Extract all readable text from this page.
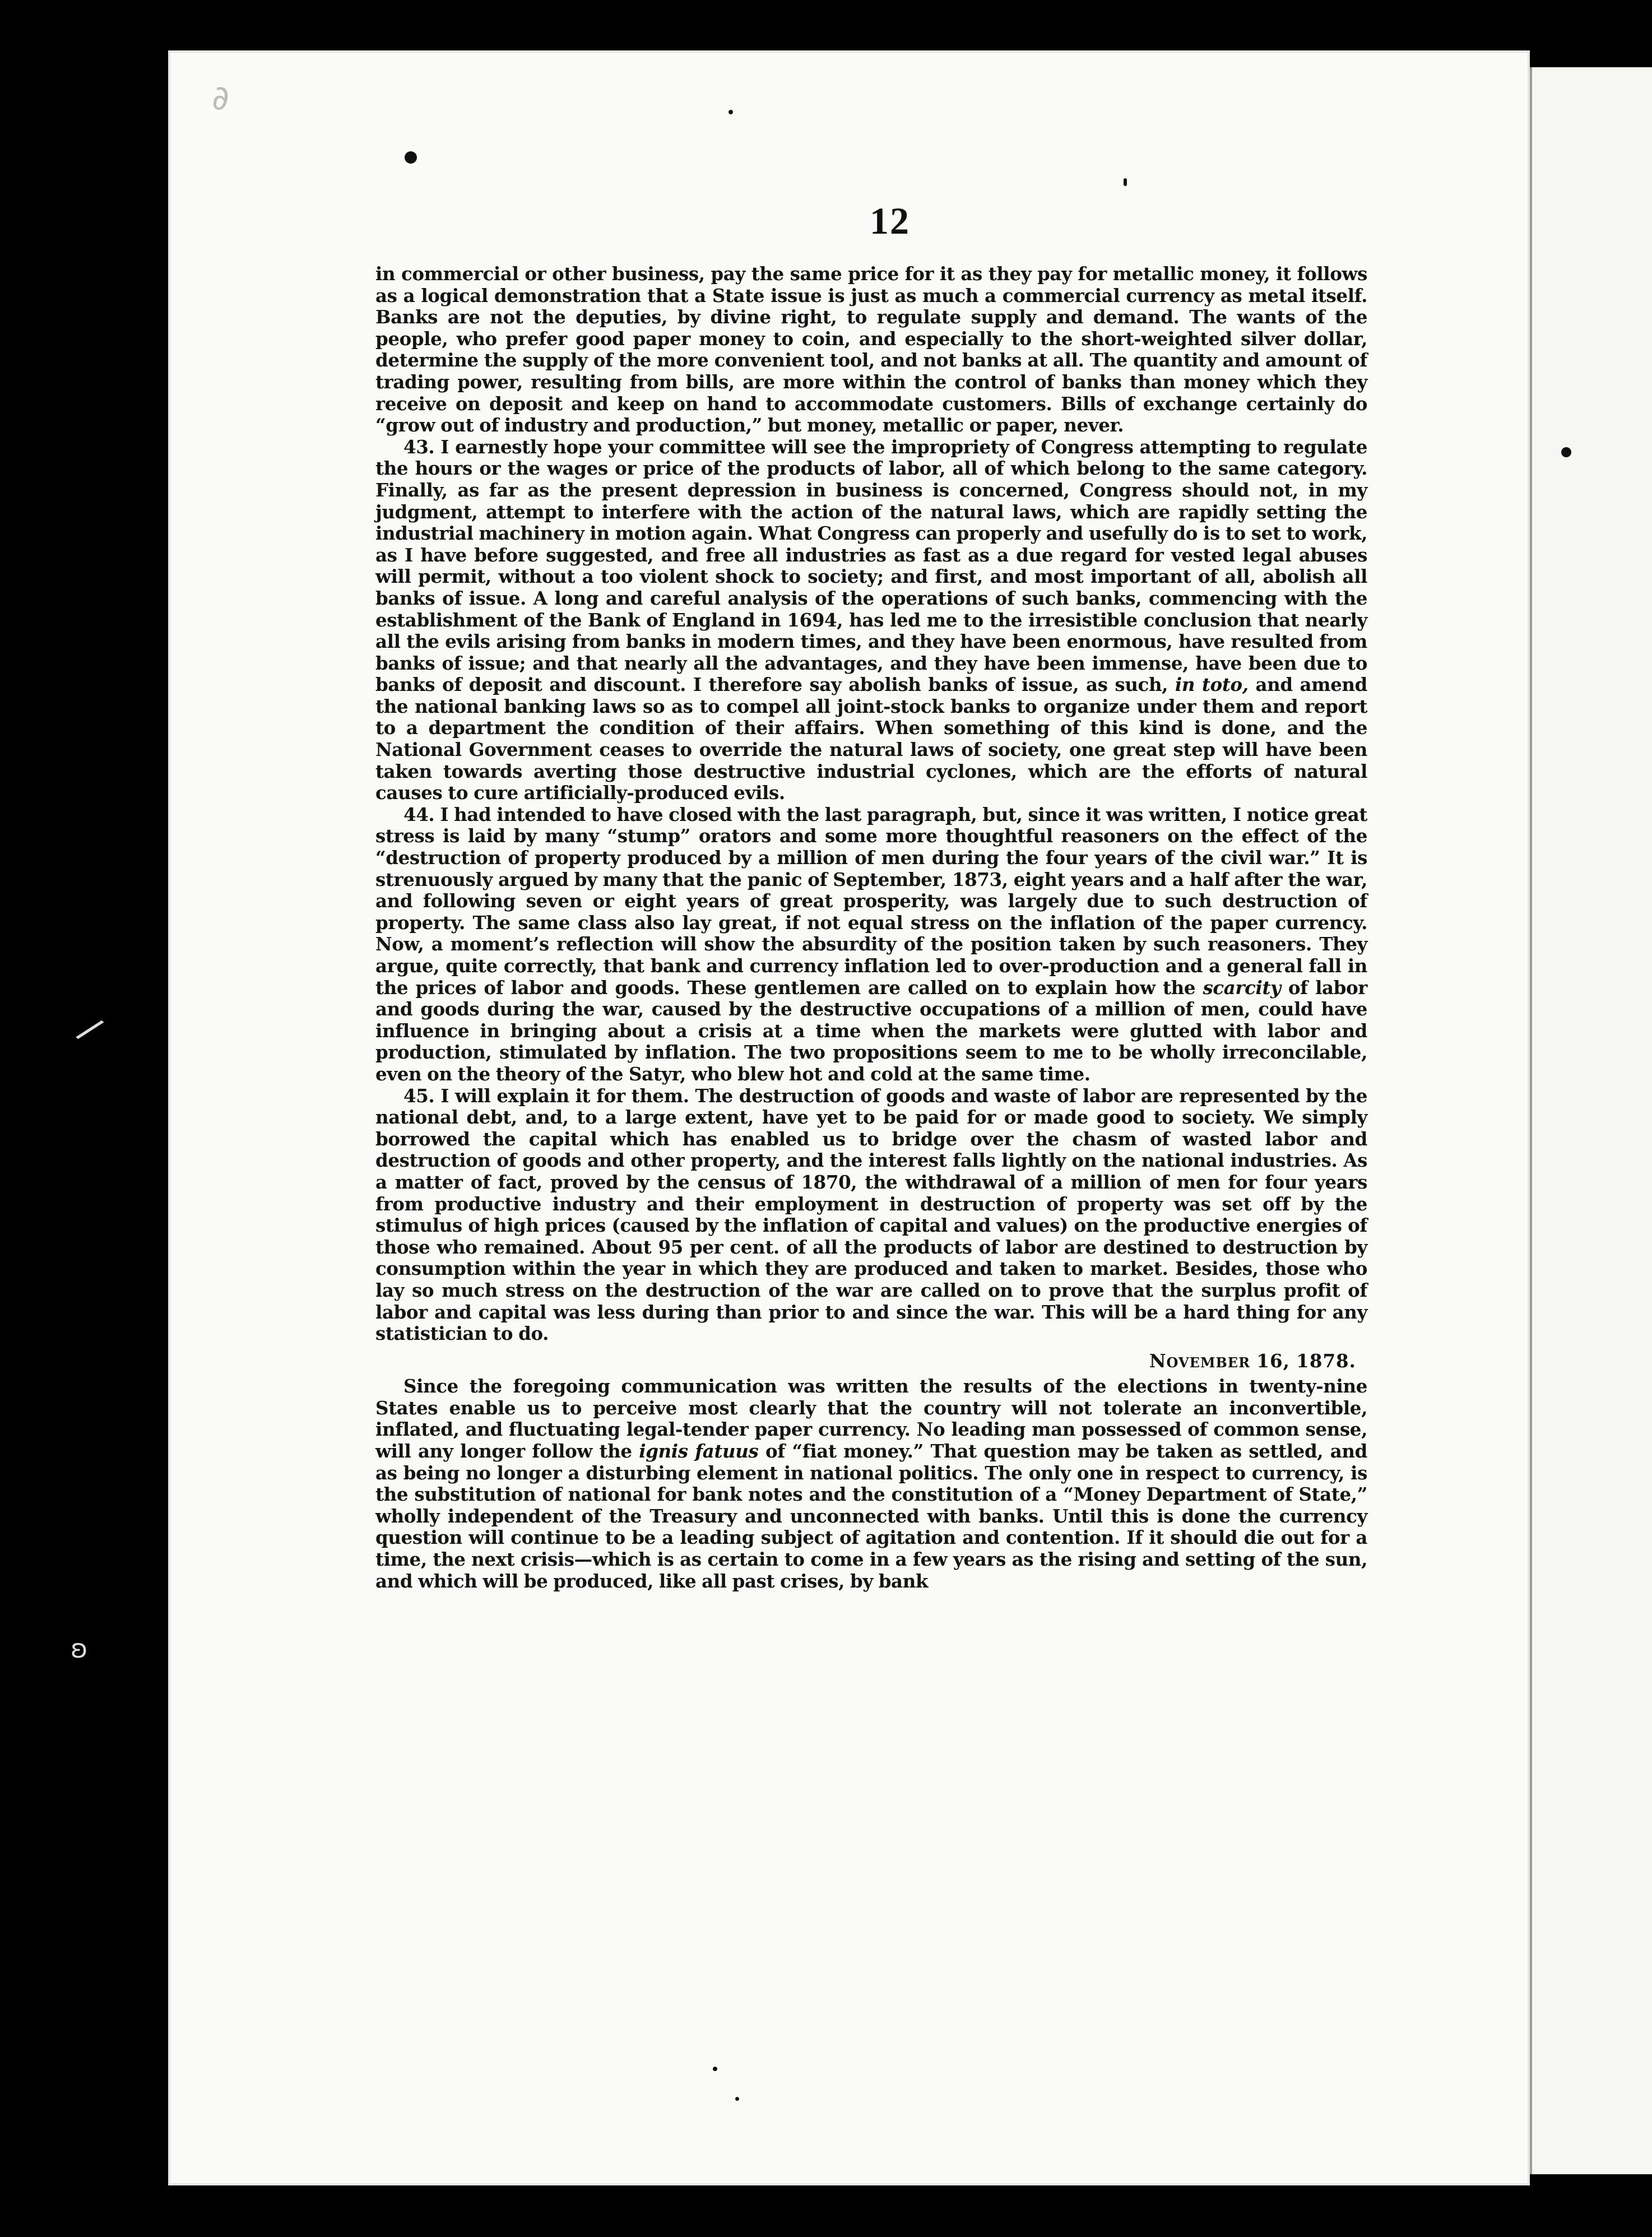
∂
/
ʚ
12

in commercial or other business, pay the same price for it as they pay for metallic money, it follows as a logical demonstration that a State issue is just as much a commercial currency as metal itself. Banks are not the deputies, by divine right, to regulate supply and demand. The wants of the people, who prefer good paper money to coin, and especially to the short-weighted silver dollar, determine the supply of the more convenient tool, and not banks at all. The quantity and amount of trading power, resulting from bills, are more within the control of banks than money which they receive on deposit and keep on hand to accommodate customers. Bills of exchange certainly do “grow out of industry and production,” but money, metallic or paper, never.

43. I earnestly hope your committee will see the impropriety of Congress attempting to regulate the hours or the wages or price of the products of labor, all of which belong to the same category. Finally, as far as the present depression in business is concerned, Congress should not, in my judgment, attempt to interfere with the action of the natural laws, which are rapidly setting the industrial machinery in motion again. What Congress can properly and usefully do is to set to work, as I have before suggested, and free all industries as fast as a due regard for vested legal abuses will permit, without a too violent shock to society; and first, and most important of all, abolish all banks of issue. A long and careful analysis of the operations of such banks, commencing with the establishment of the Bank of England in 1694, has led me to the irresistible conclusion that nearly all the evils arising from banks in modern times, and they have been enormous, have resulted from banks of issue; and that nearly all the advantages, and they have been immense, have been due to banks of deposit and discount. I therefore say abolish banks of issue, as such, in toto, and amend the national banking laws so as to compel all joint-stock banks to organize under them and report to a department the condition of their affairs. When something of this kind is done, and the National Government ceases to override the natural laws of society, one great step will have been taken towards averting those destructive industrial cyclones, which are the efforts of natural causes to cure artificially-produced evils.

44. I had intended to have closed with the last paragraph, but, since it was written, I notice great stress is laid by many “stump” orators and some more thoughtful reasoners on the effect of the “destruction of property produced by a million of men during the four years of the civil war.” It is strenuously argued by many that the panic of September, 1873, eight years and a half after the war, and following seven or eight years of great prosperity, was largely due to such destruction of property. The same class also lay great, if not equal stress on the inflation of the paper currency. Now, a moment’s reflection will show the absurdity of the position taken by such reasoners. They argue, quite correctly, that bank and currency inflation led to over-production and a general fall in the prices of labor and goods. These gentlemen are called on to explain how the scarcity of labor and goods during the war, caused by the destructive occupations of a million of men, could have influence in bringing about a crisis at a time when the markets were glutted with labor and production, stimulated by inflation. The two propositions seem to me to be wholly irreconcilable, even on the theory of the Satyr, who blew hot and cold at the same time.

45. I will explain it for them. The destruction of goods and waste of labor are represented by the national debt, and, to a large extent, have yet to be paid for or made good to society. We simply borrowed the capital which has enabled us to bridge over the chasm of wasted labor and destruction of goods and other property, and the interest falls lightly on the national industries. As a matter of fact, proved by the census of 1870, the withdrawal of a million of men for four years from productive industry and their employment in destruction of property was set off by the stimulus of high prices (caused by the inflation of capital and values) on the productive energies of those who remained. About 95 per cent. of all the products of labor are destined to destruction by consumption within the year in which they are produced and taken to market. Besides, those who lay so much stress on the destruction of the war are called on to prove that the surplus profit of labor and capital was less during than prior to and since the war. This will be a hard thing for any statistician to do.

NOVEMBER 16, 1878.

Since the foregoing communication was written the results of the elections in twenty-nine States enable us to perceive most clearly that the country will not tolerate an inconvertible, inflated, and fluctuating legal-tender paper currency. No leading man possessed of common sense, will any longer follow the ignis fatuus of “fiat money.” That question may be taken as settled, and as being no longer a disturbing element in national politics. The only one in respect to currency, is the substitution of national for bank notes and the constitution of a “Money Department of State,” wholly independent of the Treasury and unconnected with banks. Until this is done the currency question will continue to be a leading subject of agitation and contention. If it should die out for a time, the next crisis—which is as certain to come in a few years as the rising and setting of the sun, and which will be produced, like all past crises, by bank
